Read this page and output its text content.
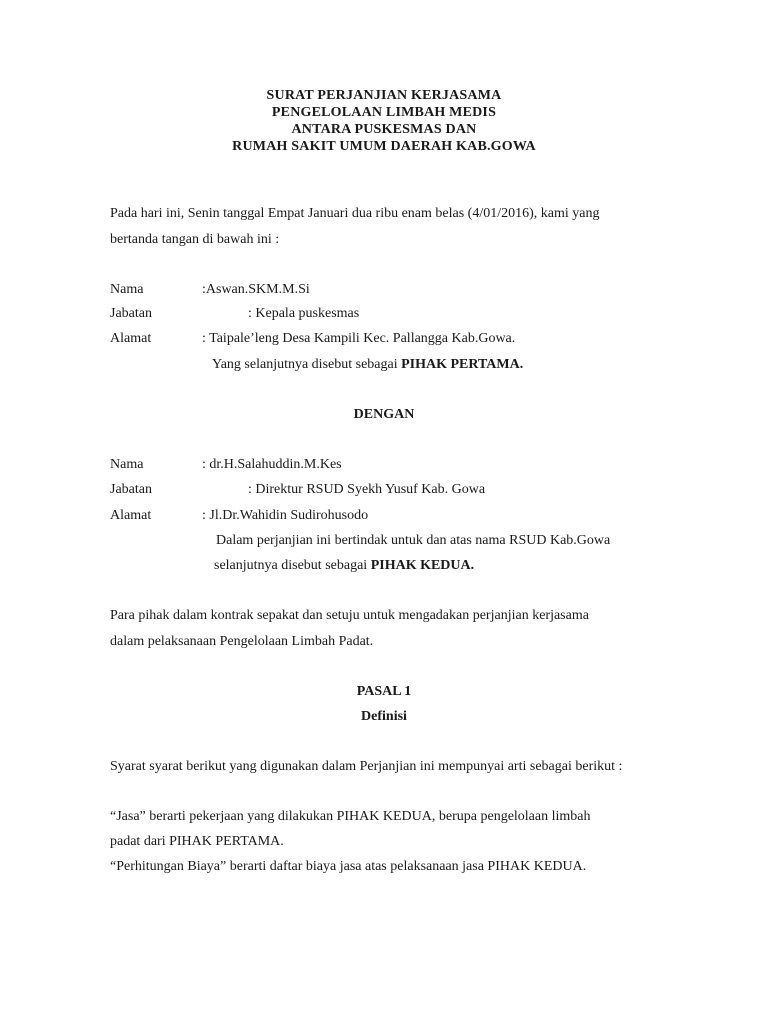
SURAT PERJANJIAN KERJASAMA
PENGELOLAAN LIMBAH MEDIS
ANTARA PUSKESMAS DAN
RUMAH SAKIT UMUM DAERAH KAB.GOWA
Pada hari ini, Senin tanggal Empat Januari dua ribu enam belas (4/01/2016), kami yang
bertanda tangan di bawah ini :
Nama	:Aswan.SKM.M.Si
Jabatan	: Kepala puskesmas
Alamat	: Taipale’leng Desa Kampili Kec. Pallangga Kab.Gowa.
Yang selanjutnya disebut sebagai PIHAK PERTAMA.
DENGAN
Nama	: dr.H.Salahuddin.M.Kes
Jabatan	: Direktur RSUD Syekh Yusuf Kab. Gowa
Alamat	: Jl.Dr.Wahidin Sudirohusodo
Dalam perjanjian ini bertindak untuk dan atas nama RSUD Kab.Gowa
selanjutnya disebut sebagai PIHAK KEDUA.
Para pihak dalam kontrak sepakat dan setuju untuk mengadakan perjanjian kerjasama
dalam pelaksanaan Pengelolaan Limbah Padat.
PASAL 1
Definisi
Syarat syarat berikut yang digunakan dalam Perjanjian ini mempunyai arti sebagai berikut :
“Jasa” berarti pekerjaan yang dilakukan PIHAK KEDUA, berupa pengelolaan limbah
padat dari PIHAK PERTAMA.
“Perhitungan Biaya” berarti daftar biaya jasa atas pelaksanaan jasa PIHAK KEDUA.
